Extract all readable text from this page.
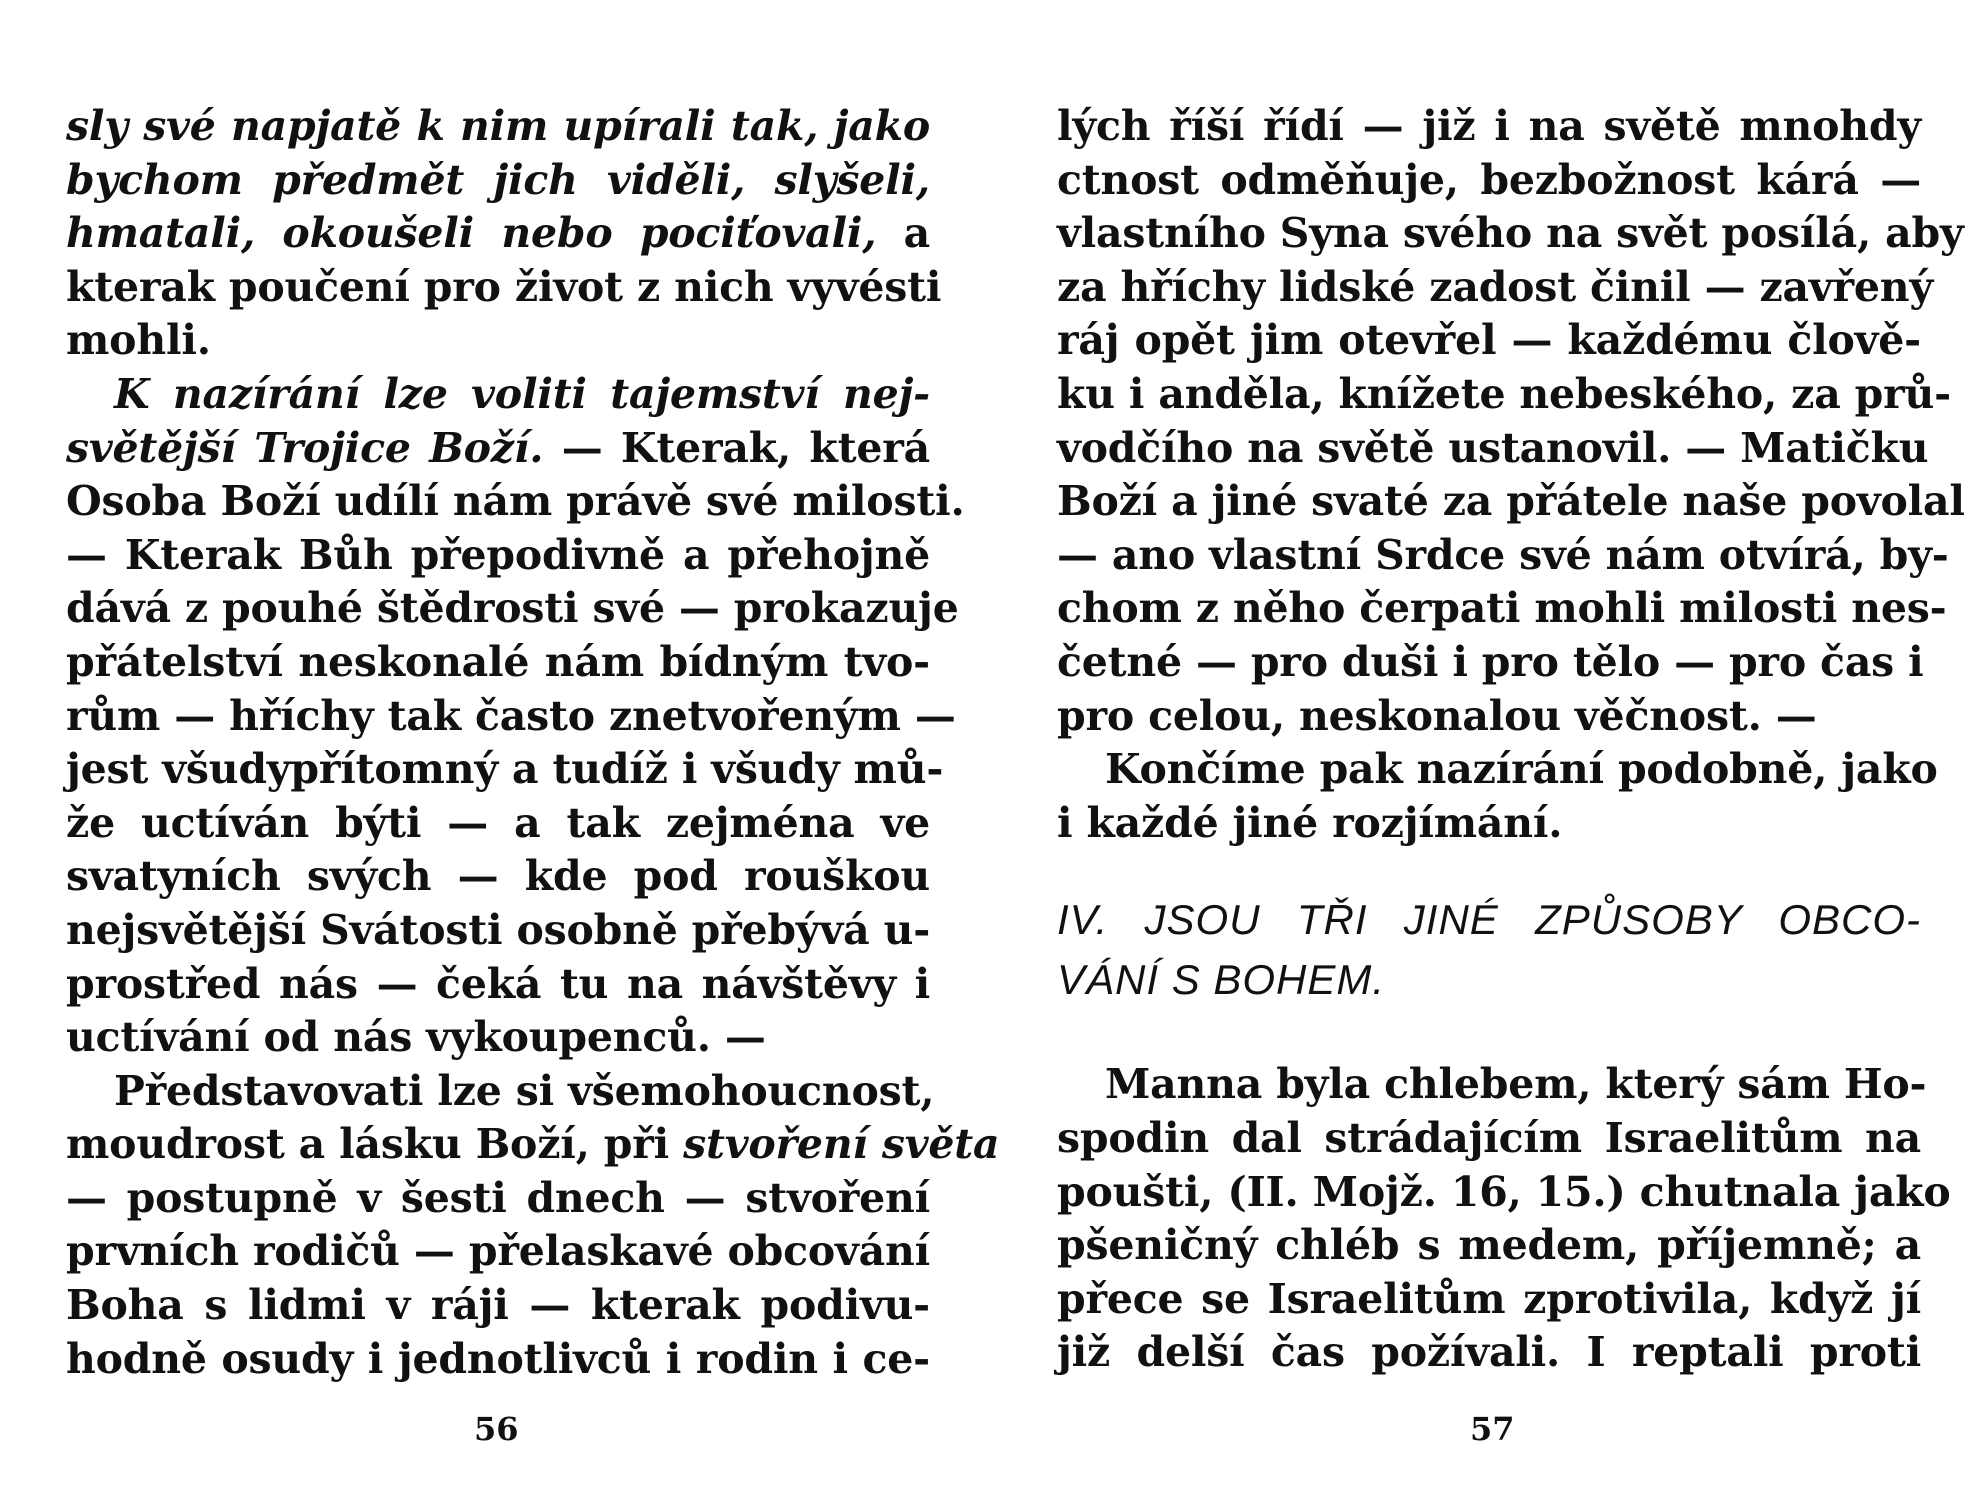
sly své napjatě k nim upírali tak, jako
bychom předmět jich viděli, slyšeli,
hmatali, okoušeli nebo pociťovali, a
kterak poučení pro život z nich vyvésti
mohli.
K nazírání lze voliti tajemství nej-
světější Trojice Boží. — Kterak, která
Osoba Boží udílí nám právě své milosti.
— Kterak Bůh přepodivně a přehojně
dává z pouhé štědrosti své — prokazuje
přátelství neskonalé nám bídným tvo-
rům — hříchy tak často znetvořeným —
jest všudypřítomný a tudíž i všudy mů-
že uctíván býti — a tak zejména ve
svatyních svých — kde pod rouškou
nejsvětější Svátosti osobně přebývá u-
prostřed nás — čeká tu na návštěvy i
uctívání od nás vykoupenců. —
Představovati lze si všemohoucnost,
moudrost a lásku Boží, při stvoření světa
— postupně v šesti dnech — stvoření
prvních rodičů — přelaskavé obcování
Boha s lidmi v ráji — kterak podivu-
hodně osudy i jednotlivců i rodin i ce-
lých říší řídí — již i na světě mnohdy
ctnost odměňuje, bezbožnost kárá —
vlastního Syna svého na svět posílá, aby
za hříchy lidské zadost činil — zavřený
ráj opět jim otevřel — každému člově-
ku i anděla, knížete nebeského, za prů-
vodčího na světě ustanovil. — Matičku
Boží a jiné svaté za přátele naše povolal
— ano vlastní Srdce své nám otvírá, by-
chom z něho čerpati mohli milosti nes-
četné — pro duši i pro tělo — pro čas i
pro celou, neskonalou věčnost. —
Končíme pak nazírání podobně, jako
i každé jiné rozjímání.
IV. JSOU TŘI JINÉ ZPŮSOBY OBCO-
VÁNÍ S BOHEM.
Manna byla chlebem, který sám Ho-
spodin dal strádajícím Israelitům na
poušti, (II. Mojž. 16, 15.) chutnala jako
pšeničný chléb s medem, příjemně; a
přece se Israelitům zprotivila, když jí
již delší čas požívali. I reptali proti
56	57
